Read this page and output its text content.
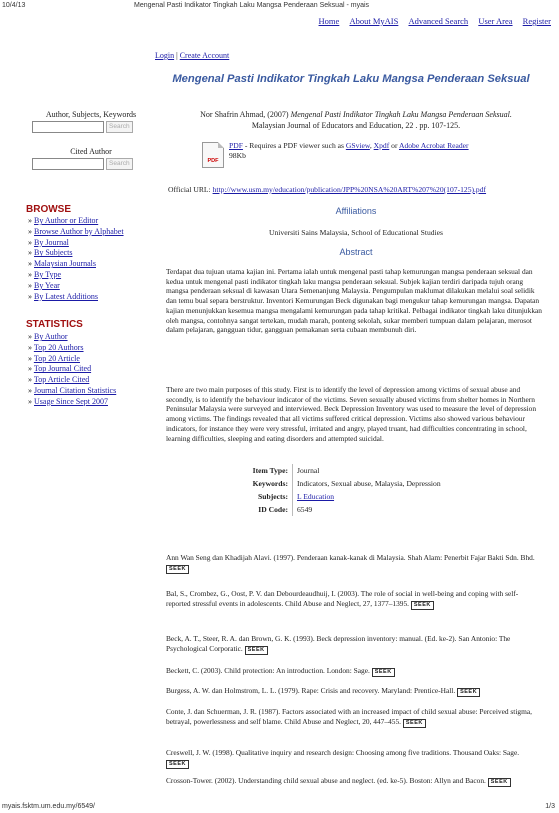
10/4/13	Mengenal Pasti Indikator Tingkah Laku Mangsa Penderaan Seksual - myais
Home About MyAIS Advanced Search User Area Register
Login | Create Account
Author, Subjects, Keywords
Search
Cited Author
Search
BROWSE
» By Author or Editor
» Browse Author by Alphabet
» By Journal
» By Subjects
» Malaysian Journals
» By Type
» By Year
» By Latest Additions
STATISTICS
» By Author
» Top 20 Authors
» Top 20 Article
» Top Journal Cited
» Top Article Cited
» Journal Citation Statistics
» Usage Since Sept 2007
Mengenal Pasti Indikator Tingkah Laku Mangsa Penderaan Seksual
Nor Shafrin Ahmad, (2007) Mengenal Pasti Indikator Tingkah Laku Mangsa Penderaan Seksual.
Malaysian Journal of Educators and Education, 22 . pp. 107-125.
PDF
PDF - Requires a PDF viewer such as GSview, Xpdf or Adobe Acrobat Reader
98Kb
Official URL: http://www.usm.my/education/publication/JPP%20NSA%20ART%207%20(107-125).pdf
Affiliations
Universiti Sains Malaysia, School of Educational Studies
Abstract
Terdapat dua tujuan utama kajian ini. Pertama ialah untuk mengenal pasti tahap kemurungan mangsa penderaan seksual dan kedua untuk mengenal pasti indikator tingkah laku mangsa penderaan seksual. Subjek kajian terdiri daripada tujuh orang mangsa penderaan seksual di kawasan Utara Semenanjung Malaysia. Pengumpulan maklumat dilakukan melalui soal selidik dan temu bual separa berstruktur. Inventori Kemurungan Beck digunakan bagi mengukur tahap kemurungan mangsa. Dapatan kajian menunjukkan kesemua mangsa mengalami kemurungan pada tahap kritikal. Pelbagai indikator tingkah laku ditunjukkan oleh mangsa, contohnya sangat tertekan, mudah marah, ponteng sekolah, sukar memberi tumpuan dalam pelajaran, merosot dalam pelajaran, gangguan tidur, gangguan pemakanan serta cubaan membunuh diri.
There are two main purposes of this study. First is to identify the level of depression among victims of sexual abuse and secondly, is to identify the behaviour indicator of the victims. Seven sexually abused victims from shelter homes in Northern Peninsular Malaysia were surveyed and interviewed. Beck Depression Inventory was used to measure the level of depression among victims. The findings revealed that all victims suffered critical depression. Victims also showed various behaviour indicators, for instance they were very stressful, irritated and angry, played truant, had difficulties concentrating in school, learning difficulties, sleeping and eating disorders and attempted suicidal.
Item Type:	Journal
Keywords:	Indicators, Sexual abuse, Malaysia, Depression
Subjects:	L Education
ID Code:	6549
Ann Wan Seng dan Khadijah Alavi. (1997). Penderaan kanak-kanak di Malaysia. Shah Alam: Penerbit Fajar Bakti Sdn. Bhd. SEEK
Bal, S., Crombez, G., Oost, P. V. dan Debourdeaudhuij, I. (2003). The role of social in well-being and coping with self-reported stressful events in adolescents. Child Abuse and Neglect, 27, 1377–1395. SEEK
Beck, A. T., Steer, R. A. dan Brown, G. K. (1993). Beck depression inventory: manual. (Ed. ke-2). San Antonio: The Psychological Corporatic. SEEK
Beckett, C. (2003). Child protection: An introduction. London: Sage. SEEK
Burgess, A. W. dan Holmstrom, L. L. (1979). Rape: Crisis and recovery. Maryland: Prentice-Hall. SEEK
Conte, J. dan Schuerman, J. R. (1987). Factors associated with an increased impact of child sexual abuse: Perceived stigma, betrayal, powerlessness and self blame. Child Abuse and Neglect, 20, 447–455. SEEK
Creswell, J. W. (1998). Qualitative inquiry and research design: Choosing among five traditions. Thousand Oaks: Sage. SEEK
Crosson-Tower. (2002). Understanding child sexual abuse and neglect. (ed. ke-5). Boston: Allyn and Bacon. SEEK
myais.fsktm.um.edu.my/6549/	1/3
